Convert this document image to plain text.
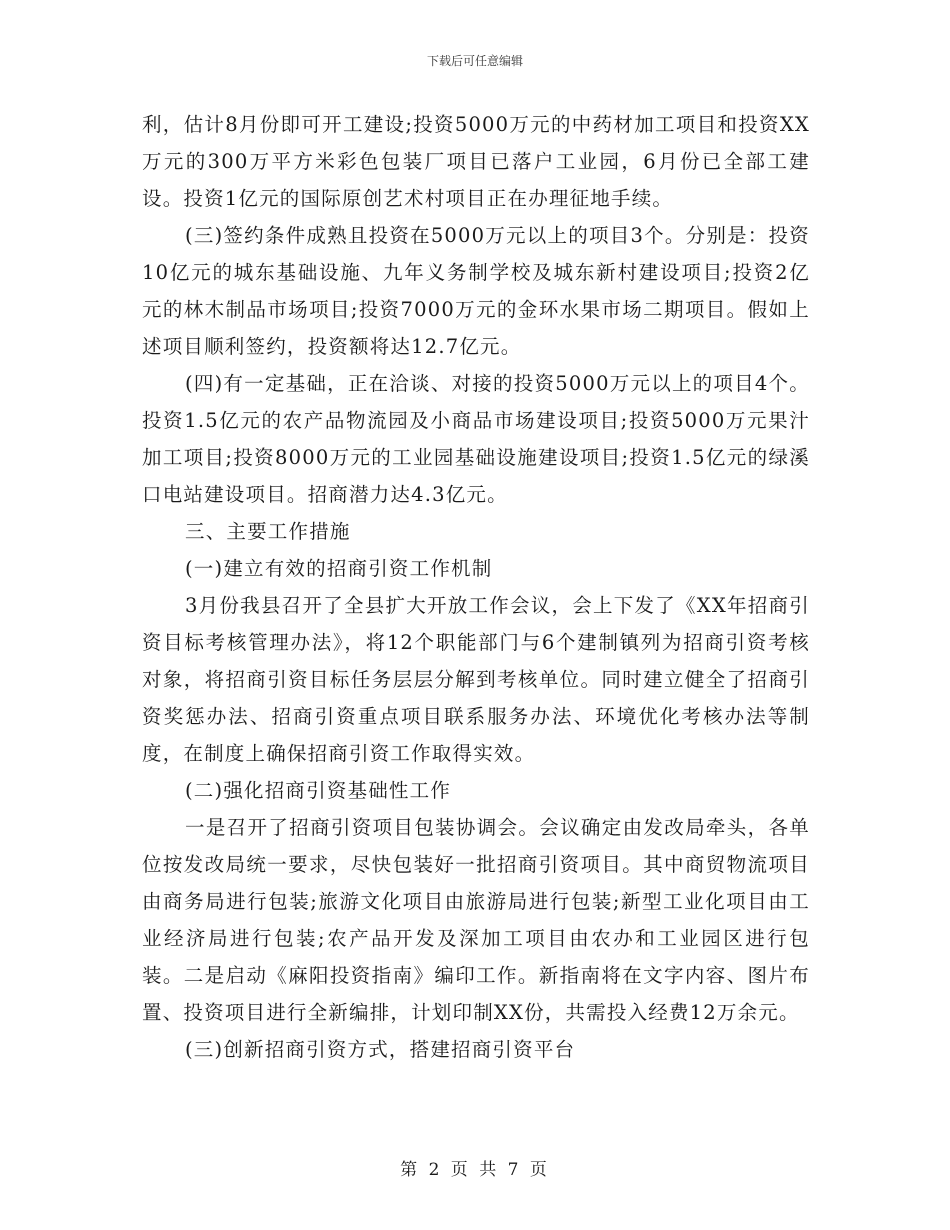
下载后可任意编辑

利，估计8月份即可开工建设;投资5000万元的中药材加工项目和投资XX万元的300万平方米彩色包装厂项目已落户工业园，6月份已全部工建设。投资1亿元的国际原创艺术村项目正在办理征地手续。

(三)签约条件成熟且投资在5000万元以上的项目3个。分别是：投资10亿元的城东基础设施、九年义务制学校及城东新村建设项目;投资2亿元的林木制品市场项目;投资7000万元的金环水果市场二期项目。假如上述项目顺利签约，投资额将达12.7亿元。

(四)有一定基础，正在洽谈、对接的投资5000万元以上的项目4个。投资1.5亿元的农产品物流园及小商品市场建设项目;投资5000万元果汁加工项目;投资8000万元的工业园基础设施建设项目;投资1.5亿元的绿溪口电站建设项目。招商潜力达4.3亿元。

三、主要工作措施

(一)建立有效的招商引资工作机制

3月份我县召开了全县扩大开放工作会议，会上下发了《XX年招商引资目标考核管理办法》，将12个职能部门与6个建制镇列为招商引资考核对象，将招商引资目标任务层层分解到考核单位。同时建立健全了招商引资奖惩办法、招商引资重点项目联系服务办法、环境优化考核办法等制度，在制度上确保招商引资工作取得实效。

(二)强化招商引资基础性工作

一是召开了招商引资项目包装协调会。会议确定由发改局牵头，各单位按发改局统一要求，尽快包装好一批招商引资项目。其中商贸物流项目由商务局进行包装;旅游文化项目由旅游局进行包装;新型工业化项目由工业经济局进行包装;农产品开发及深加工项目由农办和工业园区进行包装。二是启动《麻阳投资指南》编印工作。新指南将在文字内容、图片布置、投资项目进行全新编排，计划印制XX份，共需投入经费12万余元。

(三)创新招商引资方式，搭建招商引资平台

第 2 页 共 7 页
